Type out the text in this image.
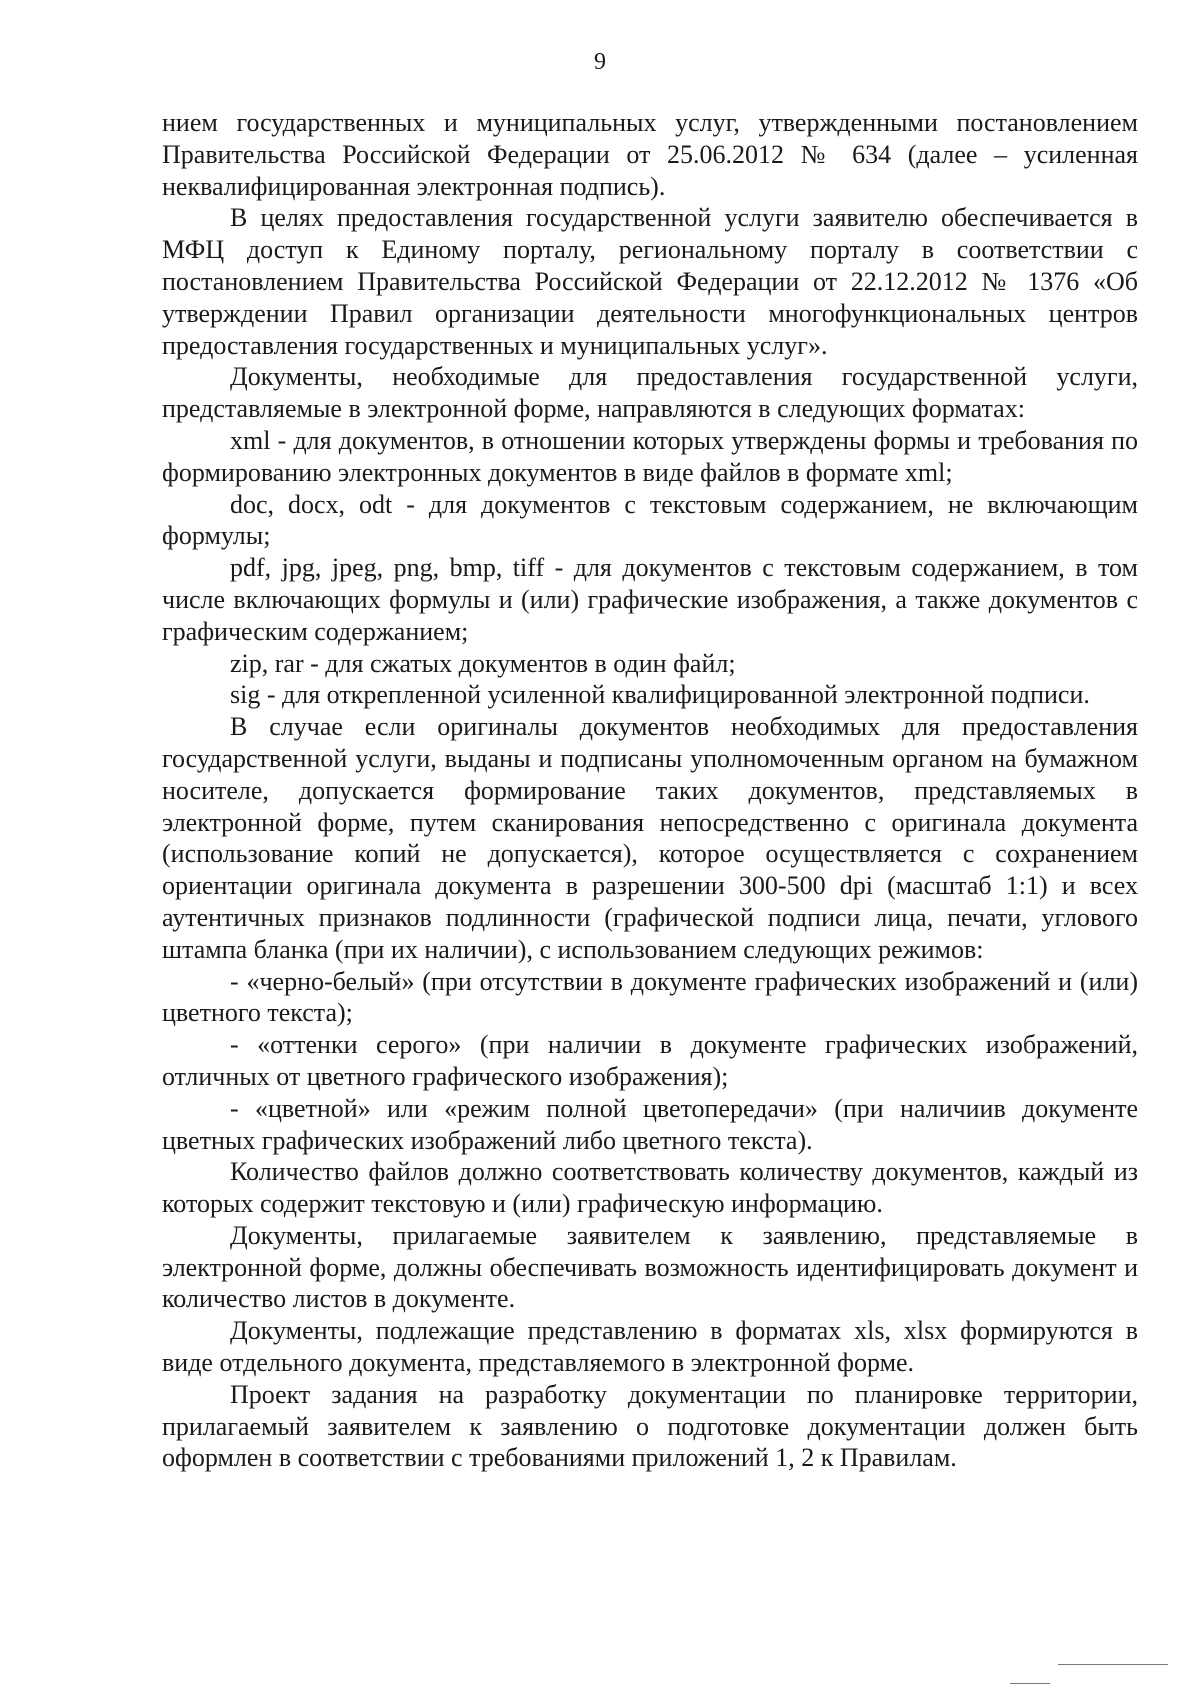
9

нием государственных и муниципальных услуг, утвержденными постановлением Правительства Российской Федерации от 25.06.2012 № 634 (далее – усиленная неквалифицированная электронная подпись).

В целях предоставления государственной услуги заявителю обеспечивается в МФЦ доступ к Единому порталу, региональному порталу в соответствии с постановлением Правительства Российской Федерации от 22.12.2012 № 1376 «Об утверждении Правил организации деятельности многофункциональных центров предоставления государственных и муниципальных услуг».

Документы, необходимые для предоставления государственной услуги, представляемые в электронной форме, направляются в следующих форматах:

xml - для документов, в отношении которых утверждены формы и требования по формированию электронных документов в виде файлов в формате xml;

doc, docx, odt - для документов с текстовым содержанием, не включающим формулы;

pdf, jpg, jpeg, png, bmp, tiff - для документов с текстовым содержанием, в том числе включающих формулы и (или) графические изображения, а также документов с графическим содержанием;

zip, rar - для сжатых документов в один файл;

sig - для открепленной усиленной квалифицированной электронной подписи.

В случае если оригиналы документов необходимых для предоставления государственной услуги, выданы и подписаны уполномоченным органом на бумажном носителе, допускается формирование таких документов, представляемых в электронной форме, путем сканирования непосредственно с оригинала документа (использование копий не допускается), которое осуществляется с сохранением ориентации оригинала документа в разрешении 300-500 dpi (масштаб 1:1) и всех аутентичных признаков подлинности (графической подписи лица, печати, углового штампа бланка (при их наличии), с использованием следующих режимов:

- «черно-белый» (при отсутствии в документе графических изображений и (или) цветного текста);

- «оттенки серого» (при наличии в документе графических изображений, отличных от цветного графического изображения);

- «цветной» или «режим полной цветопередачи» (при наличиив документе цветных графических изображений либо цветного текста).

Количество файлов должно соответствовать количеству документов, каждый из которых содержит текстовую и (или) графическую информацию.

Документы, прилагаемые заявителем к заявлению, представляемые в электронной форме, должны обеспечивать возможность идентифицировать документ и количество листов в документе.

Документы, подлежащие представлению в форматах xls, xlsx формируются в виде отдельного документа, представляемого в электронной форме.

Проект задания на разработку документации по планировке территории, прилагаемый заявителем к заявлению о подготовке документации должен быть оформлен в соответствии с требованиями приложений 1, 2 к Правилам.
